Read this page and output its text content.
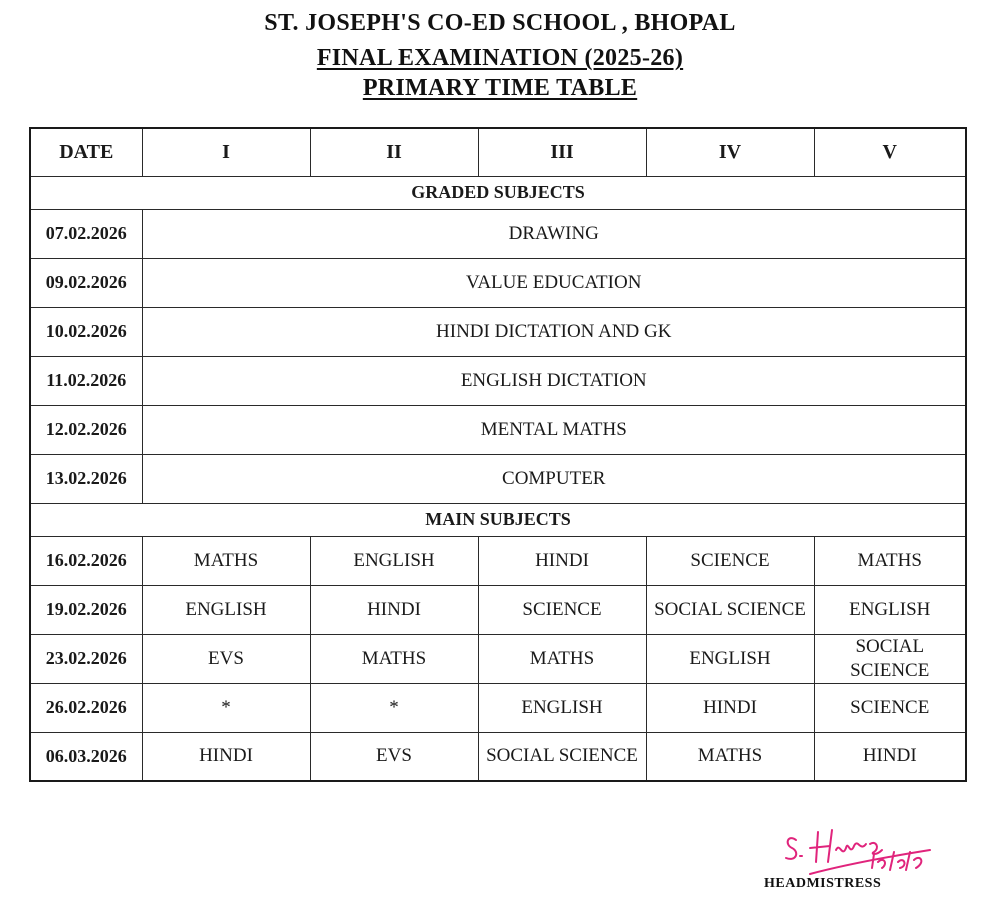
ST. JOSEPH'S CO-ED SCHOOL , BHOPAL
FINAL EXAMINATION (2025-26)
PRIMARY TIME TABLE
DATE	I	II	III	IV	V
GRADED SUBJECTS					
07.02.2026	DRAWING				
09.02.2026	VALUE EDUCATION				
10.02.2026	HINDI DICTATION AND GK				
11.02.2026	ENGLISH DICTATION				
12.02.2026	MENTAL MATHS				
13.02.2026	COMPUTER				
MAIN SUBJECTS					
16.02.2026	MATHS	ENGLISH	HINDI	SCIENCE	MATHS
19.02.2026	ENGLISH	HINDI	SCIENCE	SOCIAL SCIENCE	ENGLISH
23.02.2026	EVS	MATHS	MATHS	ENGLISH	SOCIAL SCIENCE
26.02.2026	*	*	ENGLISH	HINDI	SCIENCE
06.03.2026	HINDI	EVS	SOCIAL SCIENCE	MATHS	HINDI
HEADMISTRESS
